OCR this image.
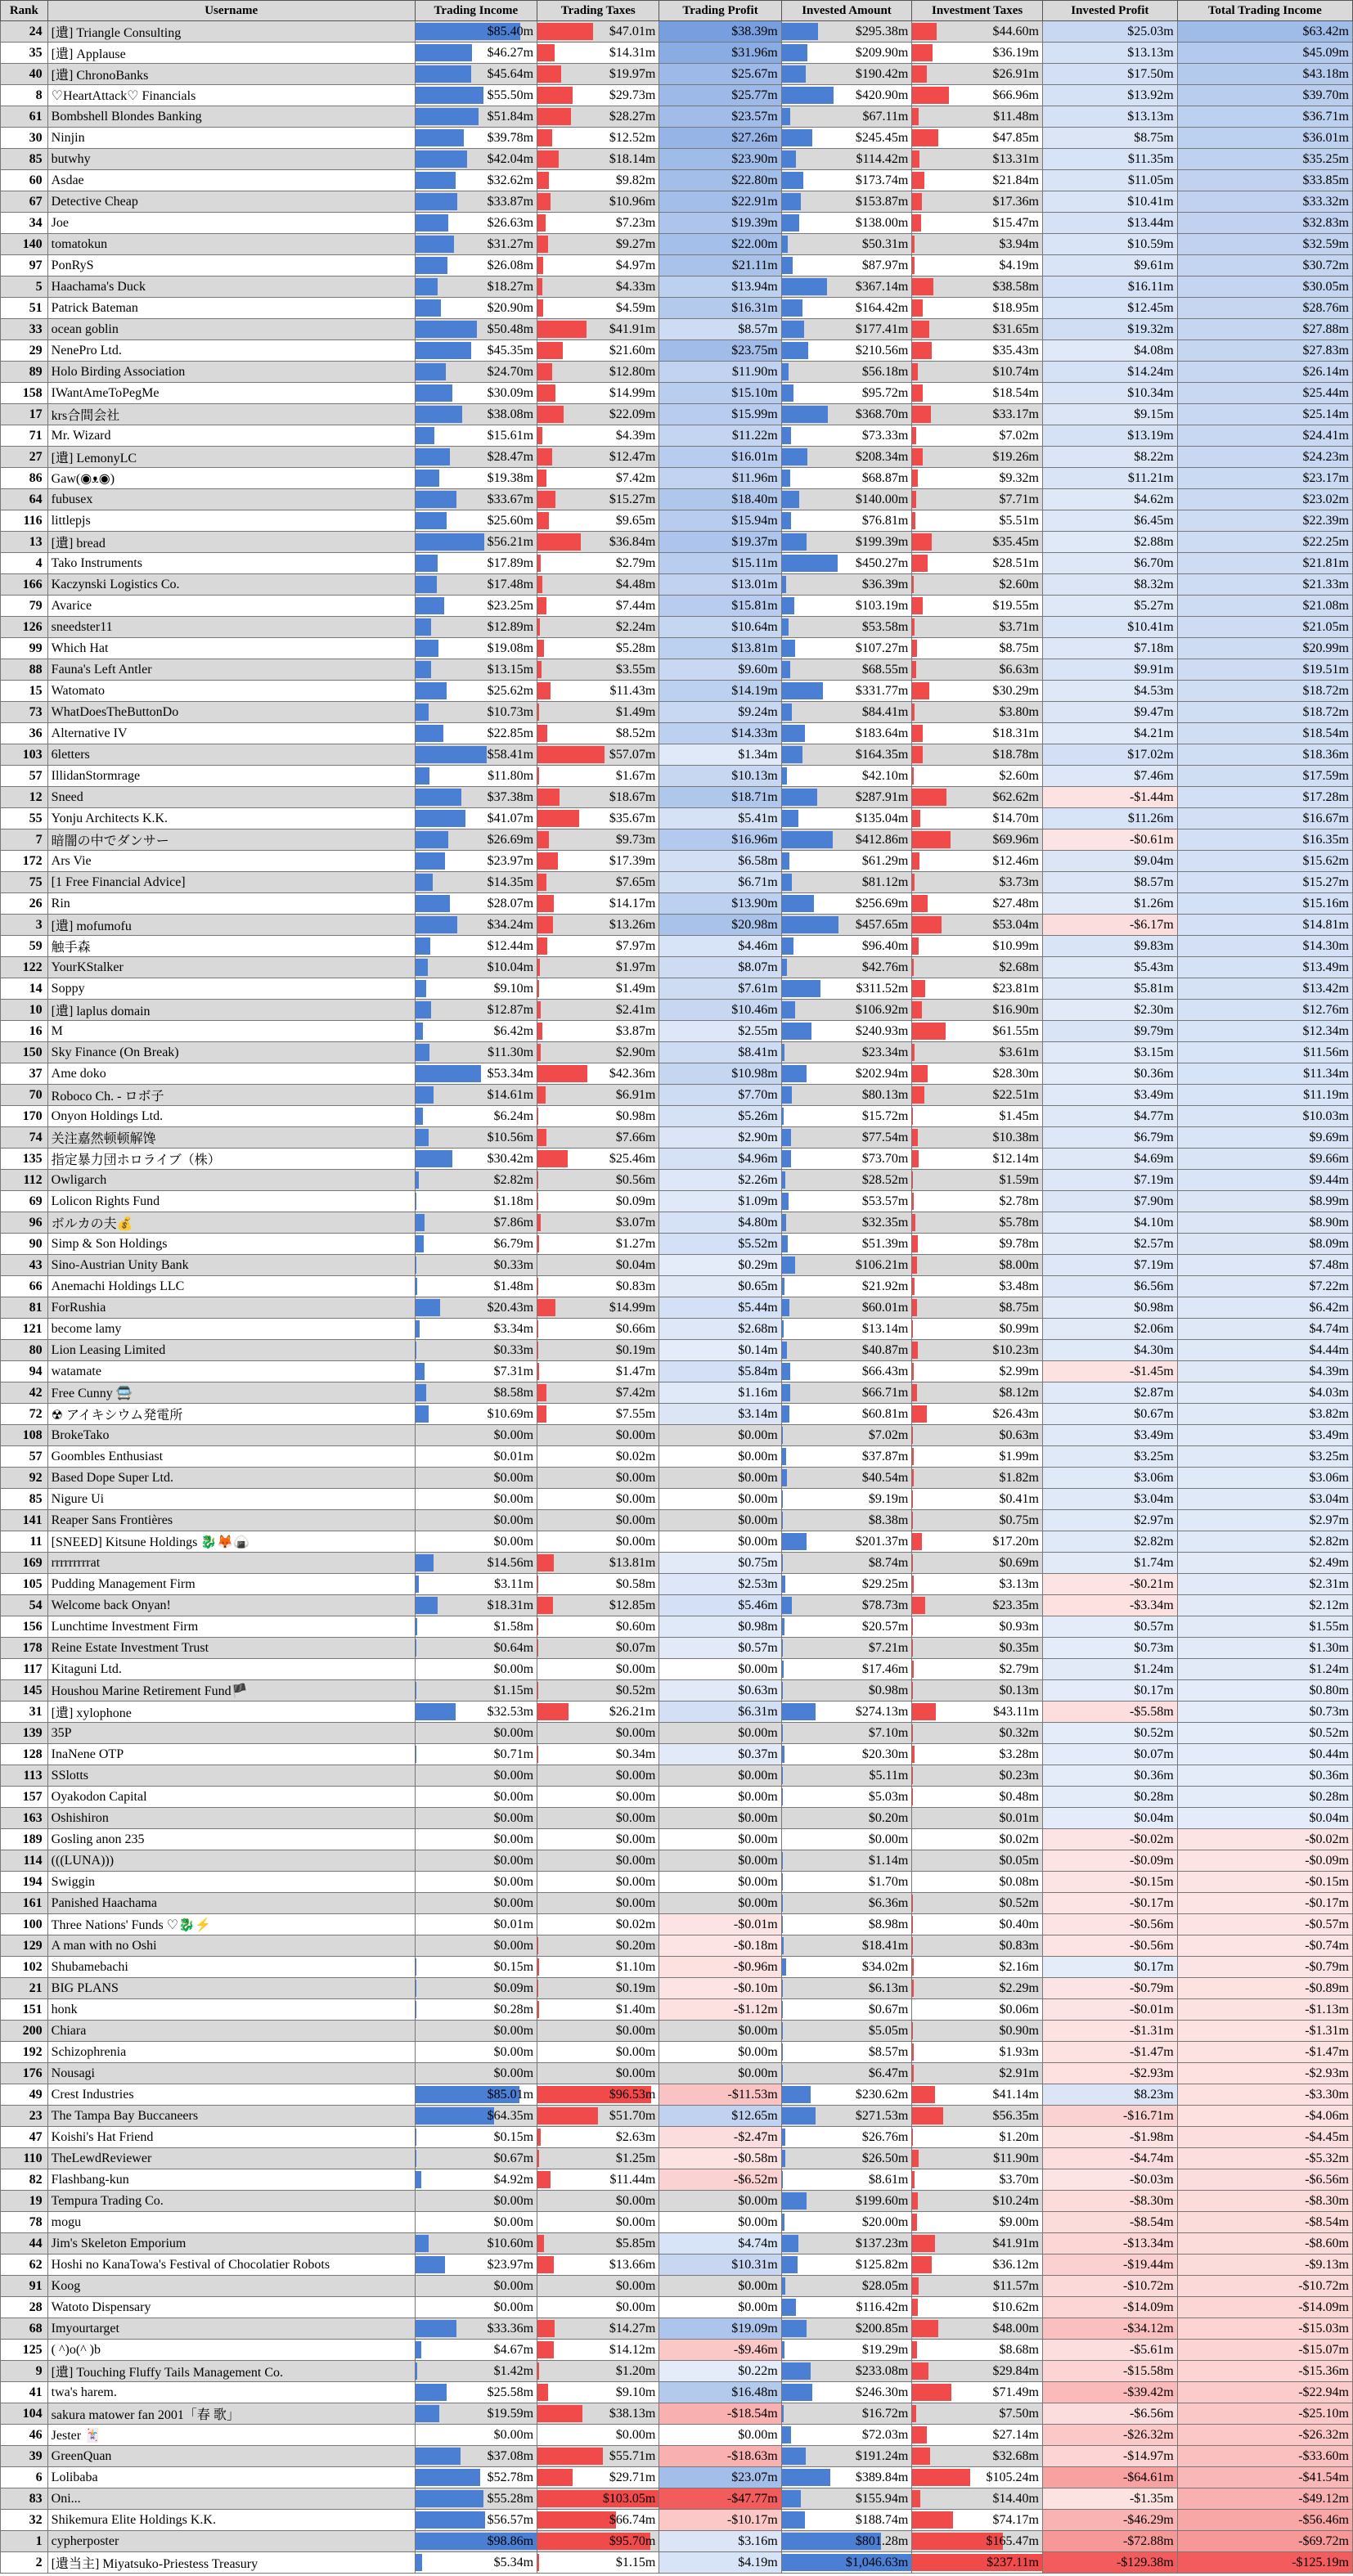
Rank	Username	Trading Income	Trading Taxes	Trading Profit	Invested Amount	Investment Taxes	Invested Profit	Total Trading Income
24	[遺] Triangle Consulting	$85.40m	$47.01m	$38.39m	$295.38m	$44.60m	$25.03m	$63.42m
35	[遺] Applause	$46.27m	$14.31m	$31.96m	$209.90m	$36.19m	$13.13m	$45.09m
40	[遺] ChronoBanks	$45.64m	$19.97m	$25.67m	$190.42m	$26.91m	$17.50m	$43.18m
8	♡HeartAttack♡ Financials	$55.50m	$29.73m	$25.77m	$420.90m	$66.96m	$13.92m	$39.70m
61	Bombshell Blondes Banking	$51.84m	$28.27m	$23.57m	$67.11m	$11.48m	$13.13m	$36.71m
30	Ninjin	$39.78m	$12.52m	$27.26m	$245.45m	$47.85m	$8.75m	$36.01m
85	butwhy	$42.04m	$18.14m	$23.90m	$114.42m	$13.31m	$11.35m	$35.25m
60	Asdae	$32.62m	$9.82m	$22.80m	$173.74m	$21.84m	$11.05m	$33.85m
67	Detective Cheap	$33.87m	$10.96m	$22.91m	$153.87m	$17.36m	$10.41m	$33.32m
34	Joe	$26.63m	$7.23m	$19.39m	$138.00m	$15.47m	$13.44m	$32.83m
140	tomatokun	$31.27m	$9.27m	$22.00m	$50.31m	$3.94m	$10.59m	$32.59m
97	PonRyS	$26.08m	$4.97m	$21.11m	$87.97m	$4.19m	$9.61m	$30.72m
5	Haachama's Duck	$18.27m	$4.33m	$13.94m	$367.14m	$38.58m	$16.11m	$30.05m
51	Patrick Bateman	$20.90m	$4.59m	$16.31m	$164.42m	$18.95m	$12.45m	$28.76m
33	ocean goblin	$50.48m	$41.91m	$8.57m	$177.41m	$31.65m	$19.32m	$27.88m
29	NenePro Ltd.	$45.35m	$21.60m	$23.75m	$210.56m	$35.43m	$4.08m	$27.83m
89	Holo Birding Association	$24.70m	$12.80m	$11.90m	$56.18m	$10.74m	$14.24m	$26.14m
158	IWantAmeToPegMe	$30.09m	$14.99m	$15.10m	$95.72m	$18.54m	$10.34m	$25.44m
17	krs合間会社	$38.08m	$22.09m	$15.99m	$368.70m	$33.17m	$9.15m	$25.14m
71	Mr. Wizard	$15.61m	$4.39m	$11.22m	$73.33m	$7.02m	$13.19m	$24.41m
27	[遺] LemonyLC	$28.47m	$12.47m	$16.01m	$208.34m	$19.26m	$8.22m	$24.23m
86	Gaw(◉ᴥ◉)	$19.38m	$7.42m	$11.96m	$68.87m	$9.32m	$11.21m	$23.17m
64	fubusex	$33.67m	$15.27m	$18.40m	$140.00m	$7.71m	$4.62m	$23.02m
116	littlepjs	$25.60m	$9.65m	$15.94m	$76.81m	$5.51m	$6.45m	$22.39m
13	[遺] bread	$56.21m	$36.84m	$19.37m	$199.39m	$35.45m	$2.88m	$22.25m
4	Tako Instruments	$17.89m	$2.79m	$15.11m	$450.27m	$28.51m	$6.70m	$21.81m
166	Kaczynski Logistics Co.	$17.48m	$4.48m	$13.01m	$36.39m	$2.60m	$8.32m	$21.33m
79	Avarice	$23.25m	$7.44m	$15.81m	$103.19m	$19.55m	$5.27m	$21.08m
126	sneedster11	$12.89m	$2.24m	$10.64m	$53.58m	$3.71m	$10.41m	$21.05m
99	Which Hat	$19.08m	$5.28m	$13.81m	$107.27m	$8.75m	$7.18m	$20.99m
88	Fauna's Left Antler	$13.15m	$3.55m	$9.60m	$68.55m	$6.63m	$9.91m	$19.51m
15	Watomato	$25.62m	$11.43m	$14.19m	$331.77m	$30.29m	$4.53m	$18.72m
73	WhatDoesTheButtonDo	$10.73m	$1.49m	$9.24m	$84.41m	$3.80m	$9.47m	$18.72m
36	Alternative IV	$22.85m	$8.52m	$14.33m	$183.64m	$18.31m	$4.21m	$18.54m
103	6letters	$58.41m	$57.07m	$1.34m	$164.35m	$18.78m	$17.02m	$18.36m
57	IllidanStormrage	$11.80m	$1.67m	$10.13m	$42.10m	$2.60m	$7.46m	$17.59m
12	Sneed	$37.38m	$18.67m	$18.71m	$287.91m	$62.62m	-$1.44m	$17.28m
55	Yonju Architects K.K.	$41.07m	$35.67m	$5.41m	$135.04m	$14.70m	$11.26m	$16.67m
7	暗闇の中でダンサー	$26.69m	$9.73m	$16.96m	$412.86m	$69.96m	-$0.61m	$16.35m
172	Ars Vie	$23.97m	$17.39m	$6.58m	$61.29m	$12.46m	$9.04m	$15.62m
75	[1 Free Financial Advice]	$14.35m	$7.65m	$6.71m	$81.12m	$3.73m	$8.57m	$15.27m
26	Rin	$28.07m	$14.17m	$13.90m	$256.69m	$27.48m	$1.26m	$15.16m
3	[遺] mofumofu	$34.24m	$13.26m	$20.98m	$457.65m	$53.04m	-$6.17m	$14.81m
59	触手森	$12.44m	$7.97m	$4.46m	$96.40m	$10.99m	$9.83m	$14.30m
122	YourKStalker	$10.04m	$1.97m	$8.07m	$42.76m	$2.68m	$5.43m	$13.49m
14	Soppy	$9.10m	$1.49m	$7.61m	$311.52m	$23.81m	$5.81m	$13.42m
10	[遺] laplus domain	$12.87m	$2.41m	$10.46m	$106.92m	$16.90m	$2.30m	$12.76m
16	M	$6.42m	$3.87m	$2.55m	$240.93m	$61.55m	$9.79m	$12.34m
150	Sky Finance (On Break)	$11.30m	$2.90m	$8.41m	$23.34m	$3.61m	$3.15m	$11.56m
37	Ame doko	$53.34m	$42.36m	$10.98m	$202.94m	$28.30m	$0.36m	$11.34m
70	Roboco Ch. - ロボ子	$14.61m	$6.91m	$7.70m	$80.13m	$22.51m	$3.49m	$11.19m
170	Onyon Holdings Ltd.	$6.24m	$0.98m	$5.26m	$15.72m	$1.45m	$4.77m	$10.03m
74	关注嘉然顿顿解馋	$10.56m	$7.66m	$2.90m	$77.54m	$10.38m	$6.79m	$9.69m
135	指定暴力団ホロライブ（株）	$30.42m	$25.46m	$4.96m	$73.70m	$12.14m	$4.69m	$9.66m
112	Owligarch	$2.82m	$0.56m	$2.26m	$28.52m	$1.59m	$7.19m	$9.44m
69	Lolicon Rights Fund	$1.18m	$0.09m	$1.09m	$53.57m	$2.78m	$7.90m	$8.99m
96	ボルカの夫💰	$7.86m	$3.07m	$4.80m	$32.35m	$5.78m	$4.10m	$8.90m
90	Simp & Son Holdings	$6.79m	$1.27m	$5.52m	$51.39m	$9.78m	$2.57m	$8.09m
43	Sino-Austrian Unity Bank	$0.33m	$0.04m	$0.29m	$106.21m	$8.00m	$7.19m	$7.48m
66	Anemachi Holdings LLC	$1.48m	$0.83m	$0.65m	$21.92m	$3.48m	$6.56m	$7.22m
81	ForRushia	$20.43m	$14.99m	$5.44m	$60.01m	$8.75m	$0.98m	$6.42m
121	become lamy	$3.34m	$0.66m	$2.68m	$13.14m	$0.99m	$2.06m	$4.74m
80	Lion Leasing Limited	$0.33m	$0.19m	$0.14m	$40.87m	$10.23m	$4.30m	$4.44m
94	watamate	$7.31m	$1.47m	$5.84m	$66.43m	$2.99m	-$1.45m	$4.39m
42	Free Cunny 🚍	$8.58m	$7.42m	$1.16m	$66.71m	$8.12m	$2.87m	$4.03m
72	☢ アイキシウム発電所	$10.69m	$7.55m	$3.14m	$60.81m	$26.43m	$0.67m	$3.82m
108	BrokeTako	$0.00m	$0.00m	$0.00m	$7.02m	$0.63m	$3.49m	$3.49m
57	Goombles Enthusiast	$0.01m	$0.02m	$0.00m	$37.87m	$1.99m	$3.25m	$3.25m
92	Based Dope Super Ltd.	$0.00m	$0.00m	$0.00m	$40.54m	$1.82m	$3.06m	$3.06m
85	Nigure Ui	$0.00m	$0.00m	$0.00m	$9.19m	$0.41m	$3.04m	$3.04m
141	Reaper Sans Frontières	$0.00m	$0.00m	$0.00m	$8.38m	$0.75m	$2.97m	$2.97m
11	[SNEED] Kitsune Holdings 🐉🦊🍙	$0.00m	$0.00m	$0.00m	$201.37m	$17.20m	$2.82m	$2.82m
169	rrrrrrrrrat	$14.56m	$13.81m	$0.75m	$8.74m	$0.69m	$1.74m	$2.49m
105	Pudding Management Firm	$3.11m	$0.58m	$2.53m	$29.25m	$3.13m	-$0.21m	$2.31m
54	Welcome back Onyan!	$18.31m	$12.85m	$5.46m	$78.73m	$23.35m	-$3.34m	$2.12m
156	Lunchtime Investment Firm	$1.58m	$0.60m	$0.98m	$20.57m	$0.93m	$0.57m	$1.55m
178	Reine Estate Investment Trust	$0.64m	$0.07m	$0.57m	$7.21m	$0.35m	$0.73m	$1.30m
117	Kitaguni Ltd.	$0.00m	$0.00m	$0.00m	$17.46m	$2.79m	$1.24m	$1.24m
145	Houshou Marine Retirement Fund🏴	$1.15m	$0.52m	$0.63m	$0.98m	$0.13m	$0.17m	$0.80m
31	[遺] xylophone	$32.53m	$26.21m	$6.31m	$274.13m	$43.11m	-$5.58m	$0.73m
139	35P	$0.00m	$0.00m	$0.00m	$7.10m	$0.32m	$0.52m	$0.52m
128	InaNene OTP	$0.71m	$0.34m	$0.37m	$20.30m	$3.28m	$0.07m	$0.44m
113	SSlotts	$0.00m	$0.00m	$0.00m	$5.11m	$0.23m	$0.36m	$0.36m
157	Oyakodon Capital	$0.00m	$0.00m	$0.00m	$5.03m	$0.48m	$0.28m	$0.28m
163	Oshishiron	$0.00m	$0.00m	$0.00m	$0.20m	$0.01m	$0.04m	$0.04m
189	Gosling anon 235	$0.00m	$0.00m	$0.00m	$0.00m	$0.02m	-$0.02m	-$0.02m
114	(((LUNA)))	$0.00m	$0.00m	$0.00m	$1.14m	$0.05m	-$0.09m	-$0.09m
194	Swiggin	$0.00m	$0.00m	$0.00m	$1.70m	$0.08m	-$0.15m	-$0.15m
161	Panished Haachama	$0.00m	$0.00m	$0.00m	$6.36m	$0.52m	-$0.17m	-$0.17m
100	Three Nations' Funds ♡🐉⚡	$0.01m	$0.02m	-$0.01m	$8.98m	$0.40m	-$0.56m	-$0.57m
129	A man with no Oshi	$0.00m	$0.20m	-$0.18m	$18.41m	$0.83m	-$0.56m	-$0.74m
102	Shubamebachi	$0.15m	$1.10m	-$0.96m	$34.02m	$2.16m	$0.17m	-$0.79m
21	BIG PLANS	$0.09m	$0.19m	-$0.10m	$6.13m	$2.29m	-$0.79m	-$0.89m
151	honk	$0.28m	$1.40m	-$1.12m	$0.67m	$0.06m	-$0.01m	-$1.13m
200	Chiara	$0.00m	$0.00m	$0.00m	$5.05m	$0.90m	-$1.31m	-$1.31m
192	Schizophrenia	$0.00m	$0.00m	$0.00m	$8.57m	$1.93m	-$1.47m	-$1.47m
176	Nousagi	$0.00m	$0.00m	$0.00m	$6.47m	$2.91m	-$2.93m	-$2.93m
49	Crest Industries	$85.01m	$96.53m	-$11.53m	$230.62m	$41.14m	$8.23m	-$3.30m
23	The Tampa Bay Buccaneers	$64.35m	$51.70m	$12.65m	$271.53m	$56.35m	-$16.71m	-$4.06m
47	Koishi's Hat Friend	$0.15m	$2.63m	-$2.47m	$26.76m	$1.20m	-$1.98m	-$4.45m
110	TheLewdReviewer	$0.67m	$1.25m	-$0.58m	$26.50m	$11.90m	-$4.74m	-$5.32m
82	Flashbang-kun	$4.92m	$11.44m	-$6.52m	$8.61m	$3.70m	-$0.03m	-$6.56m
19	Tempura Trading Co.	$0.00m	$0.00m	$0.00m	$199.60m	$10.24m	-$8.30m	-$8.30m
78	mogu	$0.00m	$0.00m	$0.00m	$20.00m	$9.00m	-$8.54m	-$8.54m
44	Jim's Skeleton Emporium	$10.60m	$5.85m	$4.74m	$137.23m	$41.91m	-$13.34m	-$8.60m
62	Hoshi no KanaTowa's Festival of Chocolatier Robots	$23.97m	$13.66m	$10.31m	$125.82m	$36.12m	-$19.44m	-$9.13m
91	Koog	$0.00m	$0.00m	$0.00m	$28.05m	$11.57m	-$10.72m	-$10.72m
28	Watoto Dispensary	$0.00m	$0.00m	$0.00m	$116.42m	$10.62m	-$14.09m	-$14.09m
68	Imyourtarget	$33.36m	$14.27m	$19.09m	$200.85m	$48.00m	-$34.12m	-$15.03m
125	( ^)o(^ )b	$4.67m	$14.12m	-$9.46m	$19.29m	$8.68m	-$5.61m	-$15.07m
9	[遺] Touching Fluffy Tails Management Co.	$1.42m	$1.20m	$0.22m	$233.08m	$29.84m	-$15.58m	-$15.36m
41	twa's harem.	$25.58m	$9.10m	$16.48m	$246.30m	$71.49m	-$39.42m	-$22.94m
104	sakura matower fan 2001「春 歌」	$19.59m	$38.13m	-$18.54m	$16.72m	$7.50m	-$6.56m	-$25.10m
46	Jester 🃏	$0.00m	$0.00m	$0.00m	$72.03m	$27.14m	-$26.32m	-$26.32m
39	GreenQuan	$37.08m	$55.71m	-$18.63m	$191.24m	$32.68m	-$14.97m	-$33.60m
6	Lolibaba	$52.78m	$29.71m	$23.07m	$389.84m	$105.24m	-$64.61m	-$41.54m
83	Oni...	$55.28m	$103.05m	-$47.77m	$155.94m	$14.40m	-$1.35m	-$49.12m
32	Shikemura Elite Holdings K.K.	$56.57m	$66.74m	-$10.17m	$188.74m	$74.17m	-$46.29m	-$56.46m
1	cypherposter	$98.86m	$95.70m	$3.16m	$801.28m	$165.47m	-$72.88m	-$69.72m
2	[遺当主] Miyatsuko-Priestess Treasury	$5.34m	$1.15m	$4.19m	$1,046.63m	$237.11m	-$129.38m	-$125.19m
